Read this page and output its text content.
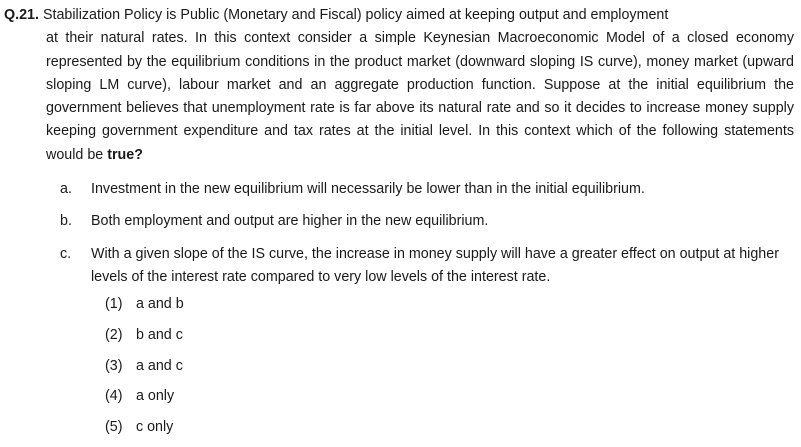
Q.21. Stabilization Policy is Public (Monetary and Fiscal) policy aimed at keeping output and employment
at their natural rates. In this context consider a simple Keynesian Macroeconomic Model of a closed economy represented by the equilibrium conditions in the product market (downward sloping IS curve), money market (upward sloping LM curve), labour market and an aggregate production function. Suppose at the initial equilibrium the government believes that unemployment rate is far above its natural rate and so it decides to increase money supply keeping government expenditure and tax rates at the initial level. In this context which of the following statements would be true?
a.	Investment in the new equilibrium will necessarily be lower than in the initial equilibrium.
b.	Both employment and output are higher in the new equilibrium.
c.	With a given slope of the IS curve, the increase in money supply will have a greater effect on output at higher levels of the interest rate compared to very low levels of the interest rate.
(1) a and b
(2) b and c
(3) a and c
(4) a only
(5) c only
